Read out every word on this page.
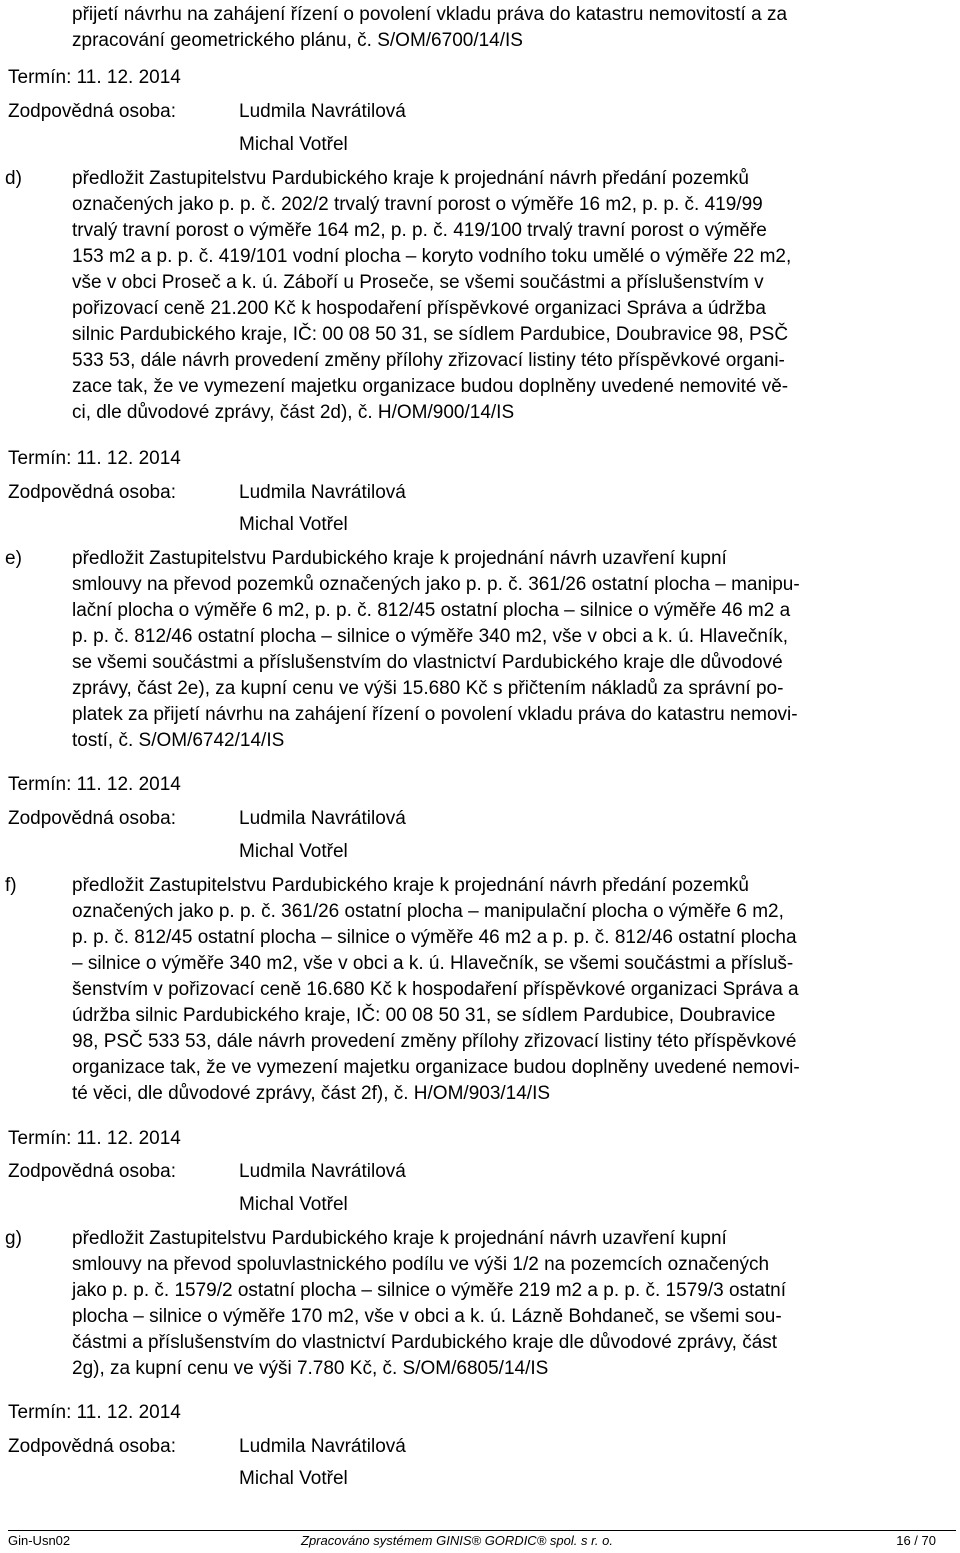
přijetí návrhu na zahájení řízení o povolení vkladu práva do katastru nemovitostí a za

zpracování geometrického plánu, č. S/OM/6700/14/IS

Termín: 11. 12. 2014
Zodpovědná osoba:	Ludmila Navrátilová
Michal Votřel
d)	předložit Zastupitelstvu Pardubického kraje k projednání návrh předání pozemků

označených jako p. p. č. 202/2 trvalý travní porost o výměře 16 m2, p. p. č. 419/99

trvalý travní porost o výměře 164 m2, p. p. č. 419/100 trvalý travní porost o výměře

153 m2 a p. p. č. 419/101 vodní plocha – koryto vodního toku umělé o výměře 22 m2,

vše v obci Proseč a k. ú. Záboří u Proseče, se všemi součástmi a příslušenstvím v

pořizovací ceně 21.200 Kč k hospodaření příspěvkové organizaci Správa a údržba

silnic Pardubického kraje, IČ: 00 08 50 31, se sídlem Pardubice, Doubravice 98, PSČ

533 53, dále návrh provedení změny přílohy zřizovací listiny této příspěvkové organi-

zace tak, že ve vymezení majetku organizace budou doplněny uvedené nemovité vě-

ci, dle důvodové zprávy, část 2d), č. H/OM/900/14/IS

Termín: 11. 12. 2014
Zodpovědná osoba:	Ludmila Navrátilová
Michal Votřel
e)	předložit Zastupitelstvu Pardubického kraje k projednání návrh uzavření kupní

smlouvy na převod pozemků označených jako p. p. č. 361/26 ostatní plocha – manipu-

lační plocha o výměře 6 m2, p. p. č. 812/45 ostatní plocha – silnice o výměře 46 m2 a

p. p. č. 812/46 ostatní plocha – silnice o výměře 340 m2, vše v obci a k. ú. Hlavečník,

se všemi součástmi a příslušenstvím do vlastnictví Pardubického kraje dle důvodové

zprávy, část 2e), za kupní cenu ve výši 15.680 Kč s přičtením nákladů za správní po-

platek za přijetí návrhu na zahájení řízení o povolení vkladu práva do katastru nemovi-

tostí, č. S/OM/6742/14/IS

Termín: 11. 12. 2014
Zodpovědná osoba:	Ludmila Navrátilová
Michal Votřel
f)	předložit Zastupitelstvu Pardubického kraje k projednání návrh předání pozemků

označených jako p. p. č. 361/26 ostatní plocha – manipulační plocha o výměře 6 m2,

p. p. č. 812/45 ostatní plocha – silnice o výměře 46 m2 a p. p. č. 812/46 ostatní plocha

– silnice o výměře 340 m2, vše v obci a k. ú. Hlavečník, se všemi součástmi a přísluš-

šenstvím v pořizovací ceně 16.680 Kč k hospodaření příspěvkové organizaci Správa a

údržba silnic Pardubického kraje, IČ: 00 08 50 31, se sídlem Pardubice, Doubravice

98, PSČ 533 53, dále návrh provedení změny přílohy zřizovací listiny této příspěvkové

organizace tak, že ve vymezení majetku organizace budou doplněny uvedené nemovi-

té věci, dle důvodové zprávy, část 2f), č. H/OM/903/14/IS

Termín: 11. 12. 2014
Zodpovědná osoba:	Ludmila Navrátilová
Michal Votřel
g)	předložit Zastupitelstvu Pardubického kraje k projednání návrh uzavření kupní

smlouvy na převod spoluvlastnického podílu ve výši 1/2 na pozemcích označených

jako p. p. č. 1579/2 ostatní plocha – silnice o výměře 219 m2 a p. p. č. 1579/3 ostatní

plocha – silnice o výměře 170 m2, vše v obci a k. ú. Lázně Bohdaneč, se všemi sou-

částmi a příslušenstvím do vlastnictví Pardubického kraje dle důvodové zprávy, část

2g), za kupní cenu ve výši 7.780 Kč, č. S/OM/6805/14/IS

Termín: 11. 12. 2014
Zodpovědná osoba:	Ludmila Navrátilová
Michal Votřel
Gin-Usn02	Zpracováno systémem GINIS® GORDIC® spol. s r. o.	16 / 70
